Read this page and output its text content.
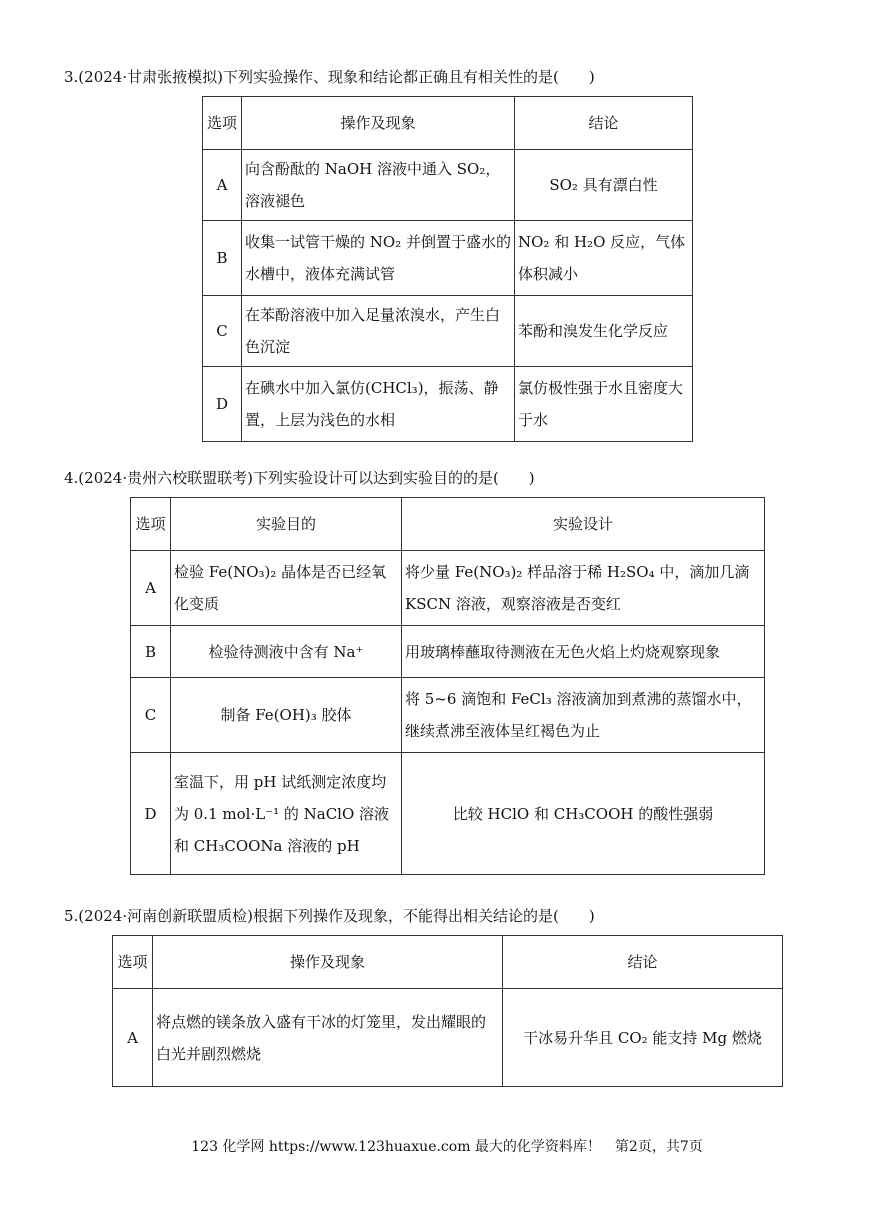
3.(2024·甘肃张掖模拟)下列实验操作、现象和结论都正确且有相关性的是(　　)
选项	操作及现象	结论
A	向含酚酞的 NaOH 溶液中通入 SO₂，溶液褪色	SO₂ 具有漂白性
B	收集一试管干燥的 NO₂ 并倒置于盛水的水槽中，液体充满试管	NO₂ 和 H₂O 反应，气体体积减小
C	在苯酚溶液中加入足量浓溴水，产生白色沉淀	苯酚和溴发生化学反应
D	在碘水中加入氯仿(CHCl₃)，振荡、静置，上层为浅色的水相	氯仿极性强于水且密度大于水
4.(2024·贵州六校联盟联考)下列实验设计可以达到实验目的的是(　　)
选项	实验目的	实验设计
A	检验 Fe(NO₃)₂ 晶体是否已经氧化变质	将少量 Fe(NO₃)₂ 样品溶于稀 H₂SO₄ 中，滴加几滴 KSCN 溶液，观察溶液是否变红
B	检验待测液中含有 Na⁺	用玻璃棒蘸取待测液在无色火焰上灼烧观察现象
C	制备 Fe(OH)₃ 胶体	将 5~6 滴饱和 FeCl₃ 溶液滴加到煮沸的蒸馏水中，继续煮沸至液体呈红褐色为止
D	室温下，用 pH 试纸测定浓度均为 0.1 mol·L⁻¹ 的 NaClO 溶液和 CH₃COONa 溶液的 pH	比较 HClO 和 CH₃COOH 的酸性强弱
5.(2024·河南创新联盟质检)根据下列操作及现象，不能得出相关结论的是(　　)
选项	操作及现象	结论
A	将点燃的镁条放入盛有干冰的灯笼里，发出耀眼的白光并剧烈燃烧	干冰易升华且 CO₂ 能支持 Mg 燃烧
123 化学网 https://www.123huaxue.com 最大的化学资料库！　第2页，共7页
